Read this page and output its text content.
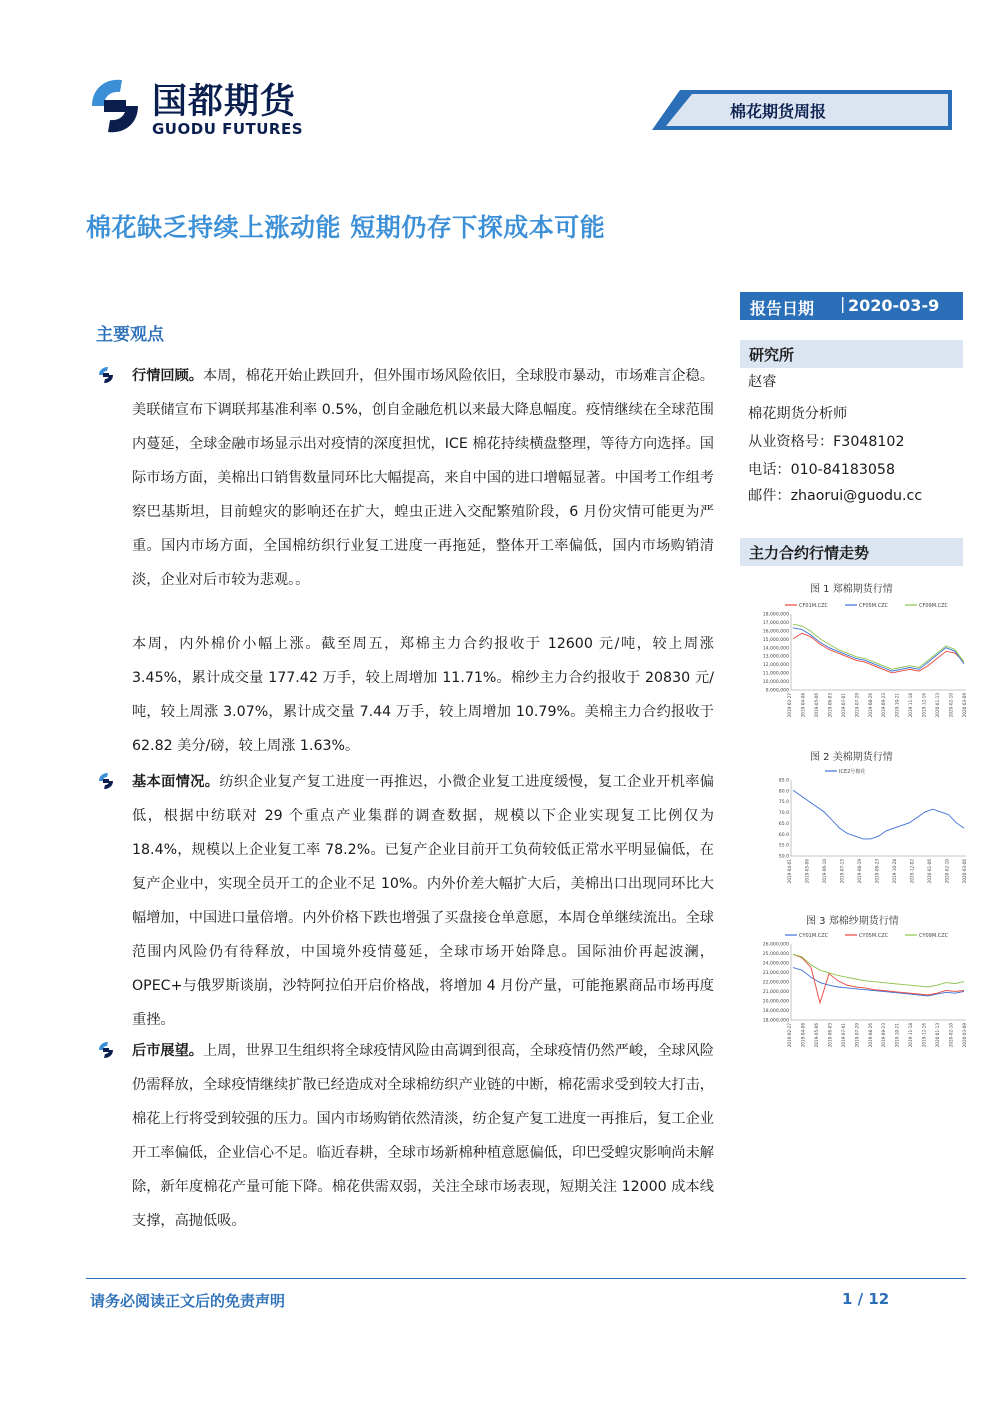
国都期货
GUODU FUTURES
棉花期货周报
棉花缺乏持续上涨动能 短期仍存下探成本可能
主要观点
行情回顾。本周，棉花开始止跌回升，但外围市场风险依旧，全球股市暴动，市场难言企稳。美联储宣布下调联邦基准利率 0.5%，创自金融危机以来最大降息幅度。疫情继续在全球范围内蔓延，全球金融市场显示出对疫情的深度担忧，ICE 棉花持续横盘整理，等待方向选择。国际市场方面，美棉出口销售数量同环比大幅提高，来自中国的进口增幅显著。中国考工作组考察巴基斯坦，目前蝗灾的影响还在扩大，蝗虫正进入交配繁殖阶段，6 月份灾情可能更为严重。国内市场方面，全国棉纺织行业复工进度一再拖延，整体开工率偏低，国内市场购销清淡，企业对后市较为悲观。。
本周，内外棉价小幅上涨。截至周五，郑棉主力合约报收于 12600 元/吨，较上周涨 3.45%，累计成交量 177.42 万手，较上周增加 11.71%。棉纱主力合约报收于 20830 元/吨，较上周涨 3.07%，累计成交量 7.44 万手，较上周增加 10.79%。美棉主力合约报收于 62.82 美分/磅，较上周涨 1.63%。
基本面情况。纺织企业复产复工进度一再推迟，小微企业复工进度缓慢，复工企业开机率偏低，根据中纺联对 29 个重点产业集群的调查数据，规模以下企业实现复工比例仅为 18.4%，规模以上企业复工率 78.2%。已复产企业目前开工负荷较低正常水平明显偏低，在复产企业中，实现全员开工的企业不足 10%。内外价差大幅扩大后，美棉出口出现同环比大幅增加，中国进口量倍增。内外价格下跌也增强了买盘接仓单意愿，本周仓单继续流出。全球范围内风险仍有待释放，中国境外疫情蔓延，全球市场开始降息。国际油价再起波澜，OPEC+与俄罗斯谈崩，沙特阿拉伯开启价格战，将增加 4 月份产量，可能拖累商品市场再度重挫。
后市展望。上周，世界卫生组织将全球疫情风险由高调到很高，全球疫情仍然严峻，全球风险仍需释放，全球疫情继续扩散已经造成对全球棉纺织产业链的中断，棉花需求受到较大打击，棉花上行将受到较强的压力。国内市场购销依然清淡，纺企复产复工进度一再推后，复工企业开工率偏低，企业信心不足。临近春耕，全球市场新棉种植意愿偏低，印巴受蝗灾影响尚未解除，新年度棉花产量可能下降。棉花供需双弱，关注全球市场表现，短期关注 12000 成本线支撑，高抛低吸。
报告日期 | 2020-03-9
研究所
赵睿
棉花期货分析师
从业资格号：F3048102
电话：010-84183058
邮件：zhaorui@guodu.cc
主力合约行情走势
图 1 郑棉期货行情
CF01M.CZC	CF05M.CZC	CF09M.CZC
18,000,000
17,000,000
16,000,000
15,000,000
14,000,000
13,000,000
12,000,000
11,000,000
10,000,000
9,000,000
2019-02-27 2019-04-08 2019-05-06 2019-06-03 2019-07-01 2019-07-29 2019-08-26 2019-09-23 2019-10-21 2019-11-18 2019-12-16 2020-01-13 2020-02-10 2020-03-09
图 2 美棉期货行情
ICE2号棉花
85.0
80.0
75.0
70.0
65.0
60.0
55.0
50.0
2019-04-01	2019-05-06	2019-06-10	2019-07-15	2019-08-19	2019-09-23	2019-10-28	2019-12-02	2020-01-06	2020-02-10	2020-03-06
图 3 郑棉纱期货行情
CY01M.CZC	CY05M.CZC	CY09M.CZC
26,000,000
25,000,000
24,000,000
23,000,000
22,000,000
21,000,000
20,000,000
19,000,000
18,000,000
2019-02-27 2019-04-08 2019-05-06 2019-06-03 2019-07-01 2019-07-29 2019-08-26 2019-09-23 2019-10-21 2019-11-18 2019-12-16 2020-01-13 2020-02-10 2020-03-09
请务必阅读正文后的免责声明	1 / 12
